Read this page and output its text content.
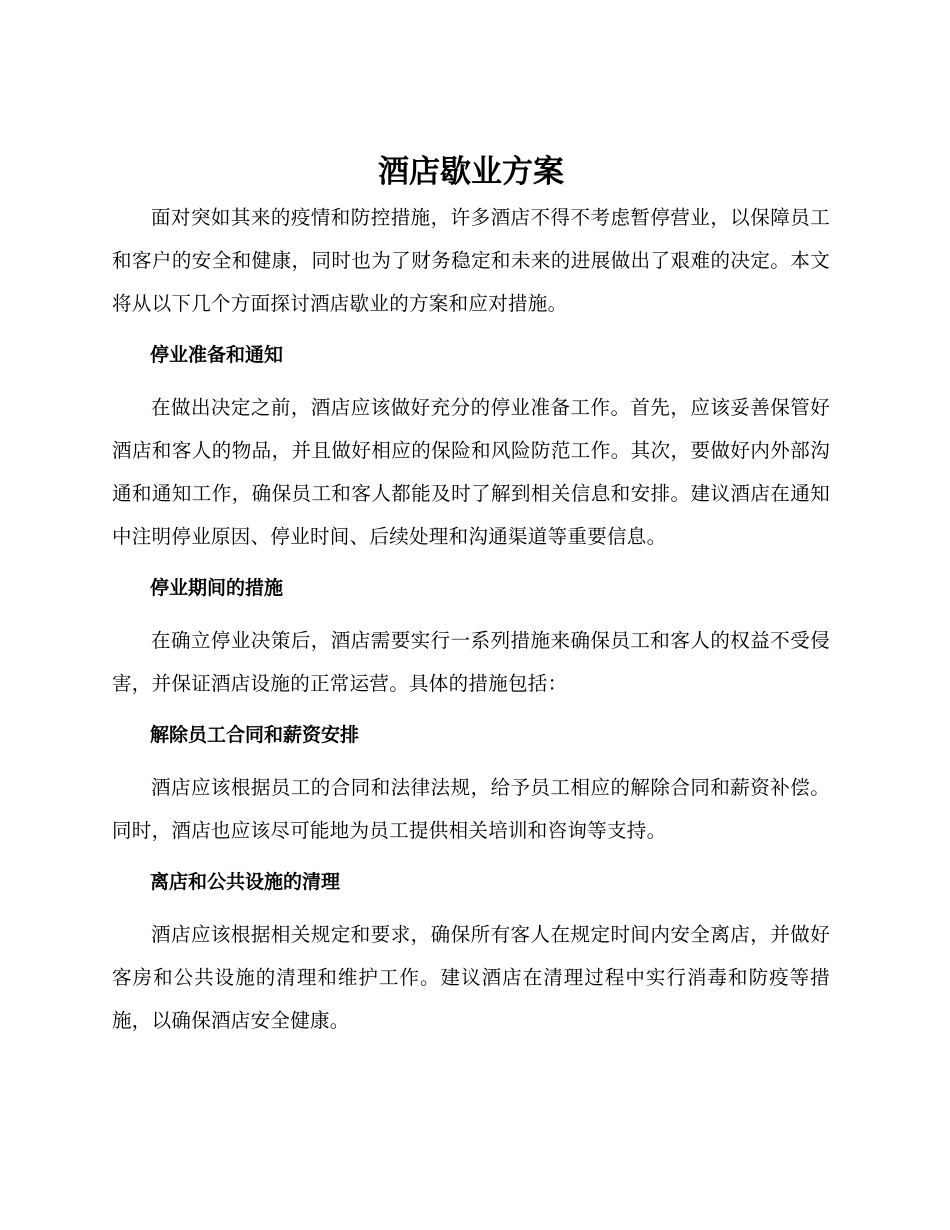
酒店歇业方案

面对突如其来的疫情和防控措施，许多酒店不得不考虑暂停营业，以保障员工和客户的安全和健康，同时也为了财务稳定和未来的进展做出了艰难的决定。本文将从以下几个方面探讨酒店歇业的方案和应对措施。

停业准备和通知

在做出决定之前，酒店应该做好充分的停业准备工作。首先，应该妥善保管好酒店和客人的物品，并且做好相应的保险和风险防范工作。其次，要做好内外部沟通和通知工作，确保员工和客人都能及时了解到相关信息和安排。建议酒店在通知中注明停业原因、停业时间、后续处理和沟通渠道等重要信息。

停业期间的措施

在确立停业决策后，酒店需要实行一系列措施来确保员工和客人的权益不受侵害，并保证酒店设施的正常运营。具体的措施包括：

解除员工合同和薪资安排

酒店应该根据员工的合同和法律法规，给予员工相应的解除合同和薪资补偿。同时，酒店也应该尽可能地为员工提供相关培训和咨询等支持。

离店和公共设施的清理

酒店应该根据相关规定和要求，确保所有客人在规定时间内安全离店，并做好客房和公共设施的清理和维护工作。建议酒店在清理过程中实行消毒和防疫等措施，以确保酒店安全健康。
